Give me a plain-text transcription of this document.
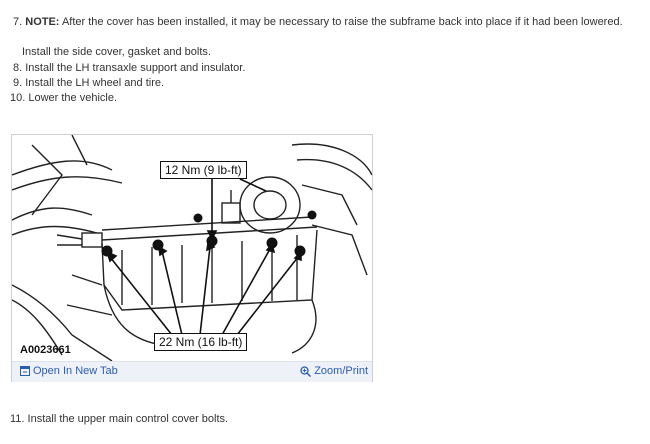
7. NOTE: After the cover has been installed, it may be necessary to raise the subframe back into place if it had been lowered.
Install the side cover, gasket and bolts.
8. Install the LH transaxle support and insulator.
9. Install the LH wheel and tire.
10. Lower the vehicle.
12 Nm (9 lb-ft)
22 Nm (16 lb-ft)
A0023661
Open In New Tab	Zoom/Print
11. Install the upper main control cover bolts.
